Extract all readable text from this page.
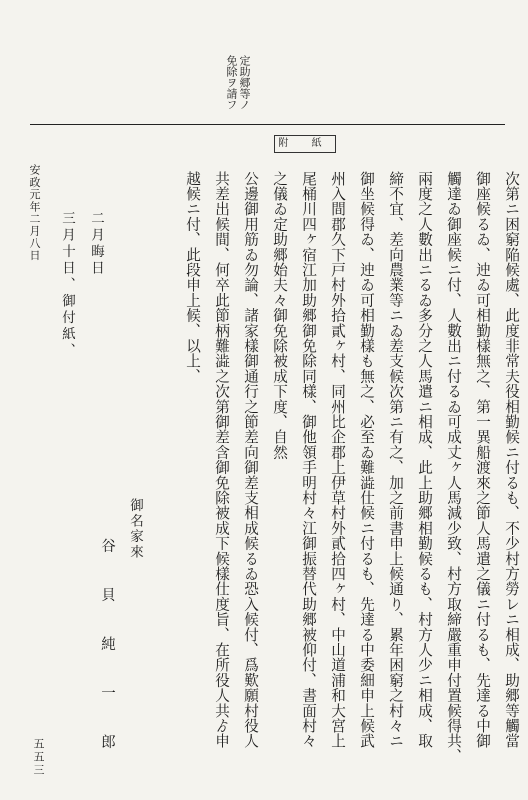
定助郷等ノ
免除ヲ請フ
附 紙
次第ニ困窮陥候處、此度非常夫役相勤候ニ付るも、不少村方勞レニ相成、助郷等觸當
御座候るゐ、迚ゐ可相勤樣無之、第一異船渡來之節人馬遣之儀ニ付るも、先達る中御
觸達ゐ御座候ニ付、人數出ニ付るゐ可成丈ヶ人馬減少致、村方取締嚴重申付置候得共、
兩度之人數出ニるゐ多分之人馬遣ニ相成、此上助郷相勤候るも、村方人少ニ相成、取
締不宜、差向農業等ニゐ差支候次第ニ有之、加之前書申上候通り、累年困窮之村々ニ
御坐候得ゐ、迚ゐ可相勤樣も無之、必至ゐ難澁仕候ニ付るも、先達る中委細申上候武
州入間郡久下戸村外拾貳ヶ村、同州比企郡上伊草村外貳拾四ヶ村、中山道浦和大宮上
尾桶川四ヶ宿江加助郷御免除同樣、御他領手明村々江御振替代助郷被仰付、書面村々
之儀ゐ定助郷始夫々御免除被成下度、自然
公邊御用筋ゐ勿論、諸家樣御通行之節差向御差支相成候るゐ恐入候付、爲歎願村役人
共差出候間、何卒此節柄難澁之次第御差含御免除被成下候樣仕度旨、在所役人共ゟ申
越候ニ付、此段申上候、以上、
御名家來
谷 貝 純 一 郎
二月晦日
三月十日、御付紙、
安政元年二月八日
五五三
